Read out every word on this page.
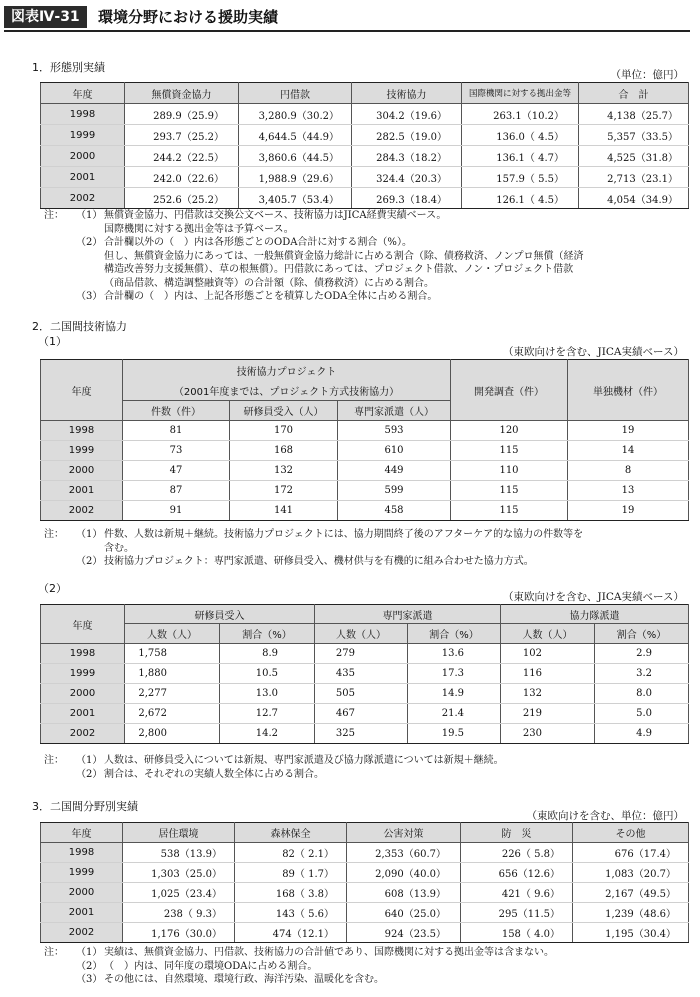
図表Ⅳ-31	環境分野における援助実績
1．形態別実績
（単位：億円）
年度	無償資金協力	円借款	技術協力	国際機関に対する拠出金等	合　計
1998	289.9（25.9）	3,280.9（30.2）	304.2（19.6）	263.1（10.2）	4,138（25.7）
1999	293.7（25.2）	4,644.5（44.9）	282.5（19.0）	136.0（ 4.5）	5,357（33.5）
2000	244.2（22.5）	3,860.6（44.5）	284.3（18.2）	136.1（ 4.7）	4,525（31.8）
2001	242.0（22.6）	1,988.9（29.6）	324.4（20.3）	157.9（ 5.5）	2,713（23.1）
2002	252.6（25.2）	3,405.7（53.4）	269.3（18.4）	126.1（ 4.5）	4,054（34.9）
注： （1） 無償資金協力、円借款は交換公文ベース、技術協力はJICA経費実績ベース。
国際機関に対する拠出金等は予算ベース。
（2） 合計欄以外の（　）内は各形態ごとのODA合計に対する割合（%）。
但し、無償資金協力にあっては、一般無償資金協力総計に占める割合（除、債務救済、ノンプロ無償（経済
構造改善努力支援無償）、草の根無償）。円借款にあっては、プロジェクト借款、ノン・プロジェクト借款
（商品借款、構造調整融資等）の合計額（除、債務救済）に占める割合。
（3） 合計欄の（　）内は、上記各形態ごとを積算したODA全体に占める割合。
2．二国間技術協力
（1）
（東欧向けを含む、JICA実績ベース）
年度	技術協力プロジェクト			開発調査（件）	単独機材（件）
	（2001年度までは、プロジェクト方式技術協力）				
	件数（件）	研修員受入（人）	専門家派遣（人）		
1998	81	170	593	120	19
1999	73	168	610	115	14
2000	47	132	449	110	8
2001	87	172	599	115	13
2002	91	141	458	115	19
注： （1） 件数、人数は新規＋継続。技術協力プロジェクトには、協力期間終了後のアフターケア的な協力の件数等を
含む。
（2） 技術協力プロジェクト：専門家派遣、研修員受入、機材供与を有機的に組み合わせた協力方式。
（2）
（東欧向けを含む、JICA実績ベース）
年度	研修員受入		専門家派遣		協力隊派遣	
	人数（人）	割合（%）	人数（人）	割合（%）	人数（人）	割合（%）
1998	1,758	8.9	279	13.6	102	2.9
1999	1,880	10.5	435	17.3	116	3.2
2000	2,277	13.0	505	14.9	132	8.0
2001	2,672	12.7	467	21.4	219	5.0
2002	2,800	14.2	325	19.5	230	4.9
注： （1） 人数は、研修員受入については新規、専門家派遣及び協力隊派遣については新規＋継続。
（2） 割合は、それぞれの実績人数全体に占める割合。
3．二国間分野別実績
（東欧向けを含む、単位：億円）
年度	居住環境	森林保全	公害対策	防　災	その他
1998	538（13.9）	82（ 2.1）	2,353（60.7）	226（ 5.8）	676（17.4）
1999	1,303（25.0）	89（ 1.7）	2,090（40.0）	656（12.6）	1,083（20.7）
2000	1,025（23.4）	168（ 3.8）	608（13.9）	421（ 9.6）	2,167（49.5）
2001	238（ 9.3）	143（ 5.6）	640（25.0）	295（11.5）	1,239（48.6）
2002	1,176（30.0）	474（12.1）	924（23.5）	158（ 4.0）	1,195（30.4）
注： （1） 実績は、無償資金協力、円借款、技術協力の合計値であり、国際機関に対する拠出金等は含まない。
（2） （　）内は、同年度の環境ODAに占める割合。
（3） その他には、自然環境、環境行政、海洋汚染、温暖化を含む。
